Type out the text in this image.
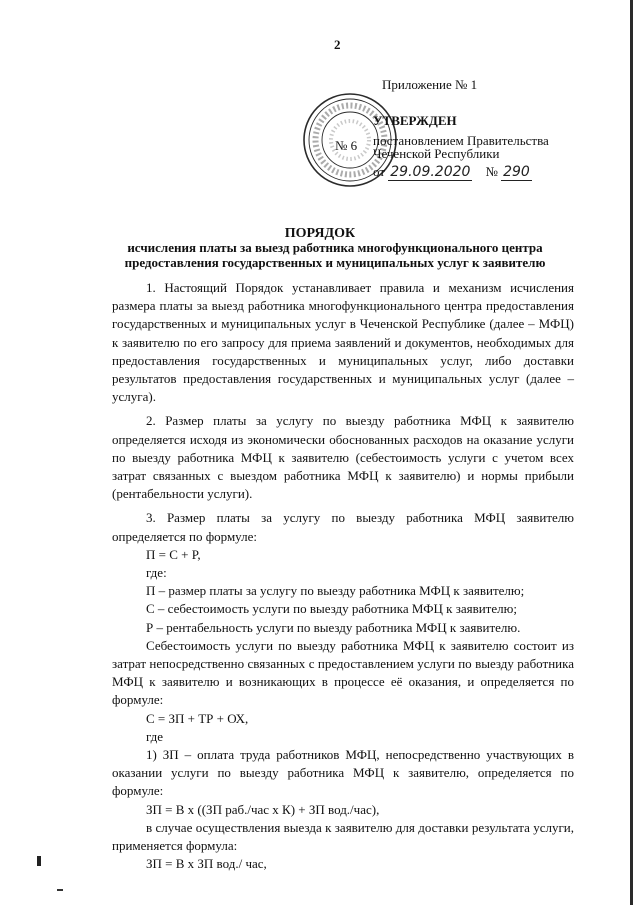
2
№ 6
Приложение № 1
УТВЕРЖДЕН
постановлением Правительства
Чеченской Республики
от 29.09.2020 № 290
ПОРЯДОК
исчисления платы за выезд работника многофункционального центра предоставления государственных и муниципальных услуг к заявителю

1. Настоящий Порядок устанавливает правила и механизм исчисления размера платы за выезд работника многофункционального центра предоставления государственных и муниципальных услуг в Чеченской Республике (далее – МФЦ) к заявителю по его запросу для приема заявлений и документов, необходимых для предоставления государственных и муниципальных услуг, либо доставки результатов предоставления государственных и муниципальных услуг (далее – услуга).

2. Размер платы за услугу по выезду работника МФЦ к заявителю определяется исходя из экономически обоснованных расходов на оказание услуги по выезду работника МФЦ к заявителю (себестоимость услуги с учетом всех затрат связанных с выездом работника МФЦ к заявителю) и нормы прибыли (рентабельности услуги).

3. Размер платы за услугу по выезду работника МФЦ заявителю определяется по формуле:

П = С + Р,

где:

П – размер платы за услугу по выезду работника МФЦ к заявителю;

С – себестоимость услуги по выезду работника МФЦ к заявителю;

Р – рентабельность услуги по выезду работника МФЦ к заявителю.

Себестоимость услуги по выезду работника МФЦ к заявителю состоит из затрат непосредственно связанных с предоставлением услуги по выезду работника МФЦ к заявителю и возникающих в процессе её оказания, и определяется по формуле:

С = ЗП + ТР + ОХ,

где

1) ЗП – оплата труда работников МФЦ, непосредственно участвующих в оказании услуги по выезду работника МФЦ к заявителю, определяется по формуле:

ЗП = В х ((ЗП раб./час х К) + ЗП вод./час),

в случае осуществления выезда к заявителю для доставки результата услуги, применяется формула:

ЗП = В х ЗП вод./ час,
